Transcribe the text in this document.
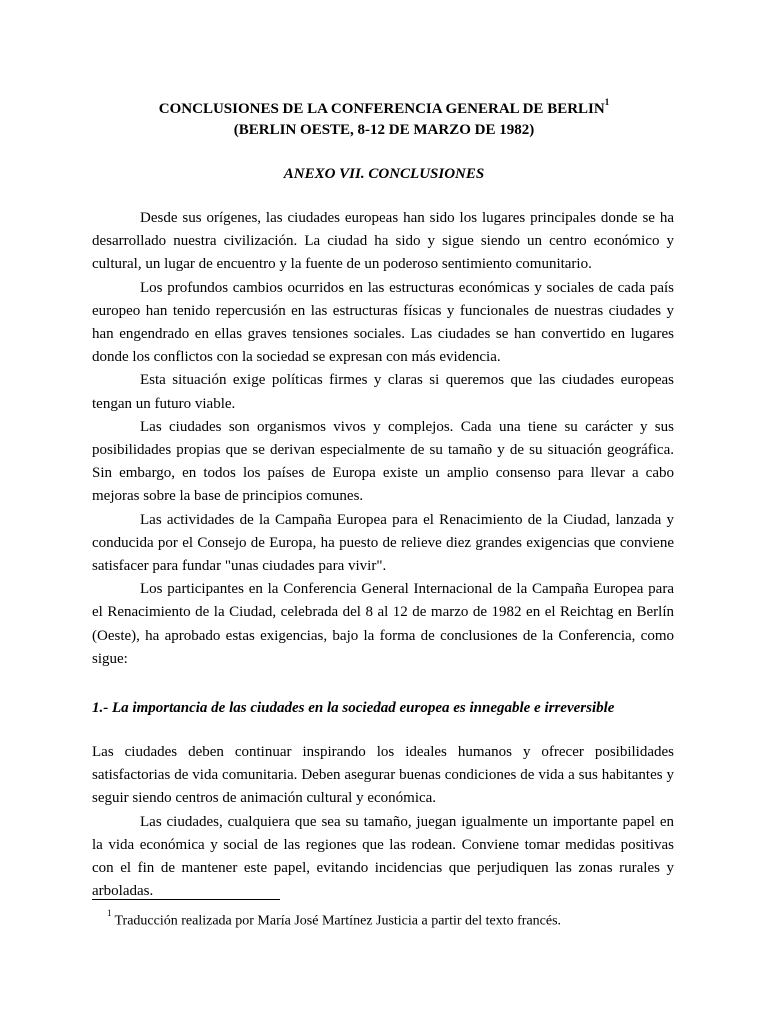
CONCLUSIONES DE LA CONFERENCIA GENERAL DE BERLIN$^1$
(BERLIN OESTE, 8-12 DE MARZO DE 1982)
ANEXO VII. CONCLUSIONES

Desde sus orígenes, las ciudades europeas han sido los lugares principales donde se ha desarrollado nuestra civilización. La ciudad ha sido y sigue siendo un centro económico y cultural, un lugar de encuentro y la fuente de un poderoso sentimiento comunitario.

Los profundos cambios ocurridos en las estructuras económicas y sociales de cada país europeo han tenido repercusión en las estructuras físicas y funcionales de nuestras ciudades y han engendrado en ellas graves tensiones sociales. Las ciudades se han convertido en lugares donde los conflictos con la sociedad se expresan con más evidencia.

Esta situación exige políticas firmes y claras si queremos que las ciudades europeas tengan un futuro viable.

Las ciudades son organismos vivos y complejos. Cada una tiene su carácter y sus posibilidades propias que se derivan especialmente de su tamaño y de su situación geográfica. Sin embargo, en todos los países de Europa existe un amplio consenso para llevar a cabo mejoras sobre la base de principios comunes.

Las actividades de la Campaña Europea para el Renacimiento de la Ciudad, lanzada y conducida por el Consejo de Europa, ha puesto de relieve diez grandes exigencias que conviene satisfacer para fundar "unas ciudades para vivir".

Los participantes en la Conferencia General Internacional de la Campaña Europea para el Renacimiento de la Ciudad, celebrada del 8 al 12 de marzo de 1982 en el Reichtag en Berlín (Oeste), ha aprobado estas exigencias, bajo la forma de conclusiones de la Conferencia, como sigue:

1.- La importancia de las ciudades en la sociedad europea es innegable e irreversible

Las ciudades deben continuar inspirando los ideales humanos y ofrecer posibilidades satisfactorias de vida comunitaria. Deben asegurar buenas condiciones de vida a sus habitantes y seguir siendo centros de animación cultural y económica.

Las ciudades, cualquiera que sea su tamaño, juegan igualmente un importante papel en la vida económica y social de las regiones que las rodean. Conviene tomar medidas positivas con el fin de mantener este papel, evitando incidencias que perjudiquen las zonas rurales y arboladas.

$^1$Traducción realizada por María José Martínez Justicia a partir del texto francés.
